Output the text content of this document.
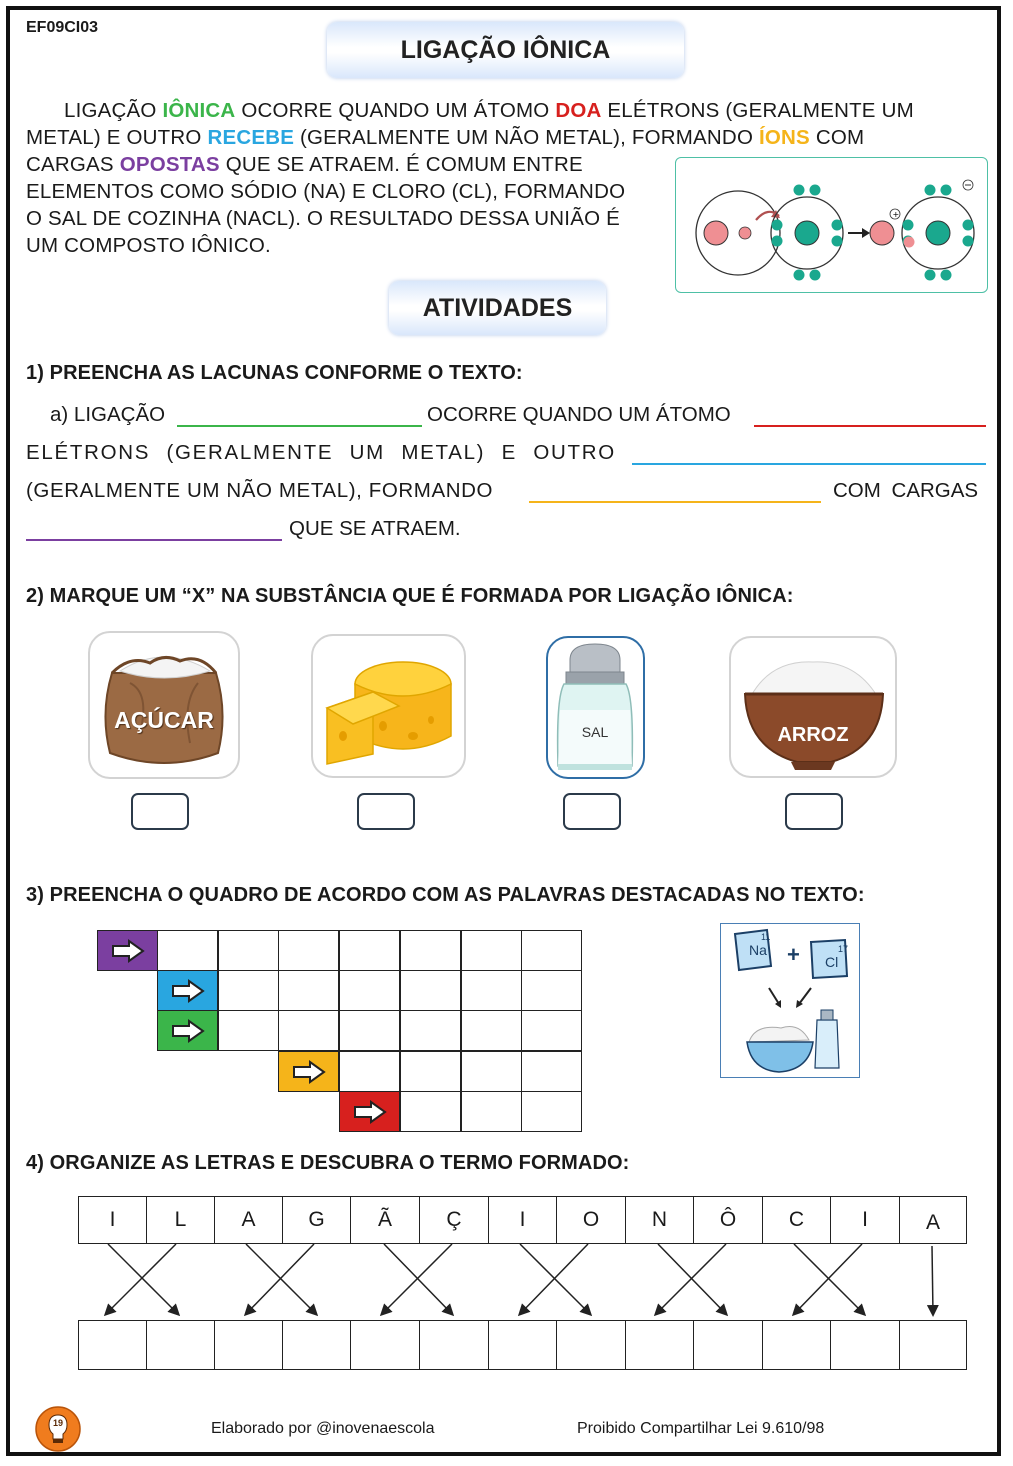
EF09CI03
LIGAÇÃO IÔNICA

LIGAÇÃO IÔNICA OCORRE QUANDO UM ÁTOMO DOA ELÉTRONS (GERALMENTE UM

METAL) E OUTRO RECEBE (GERALMENTE UM NÃO METAL), FORMANDO ÍONS COM

CARGAS OPOSTAS QUE SE ATRAEM. É COMUM ENTRE

ELEMENTOS COMO SÓDIO (NA) E CLORO (CL), FORMANDO

O SAL DE COZINHA (NACL). O RESULTADO DESSA UNIÃO É

UM COMPOSTO IÔNICO.

+
ATIVIDADES
1) PREENCHA AS LACUNAS CONFORME O TEXTO:
a) LIGAÇÃO	OCORRE QUANDO UM ÁTOMO
ELÉTRONS (GERALMENTE UM METAL) E OUTRO
(GERALMENTE UM NÃO METAL), FORMANDO	COM CARGAS
QUE SE ATRAEM.
2) MARQUE UM “X” NA SUBSTÂNCIA QUE É FORMADA POR LIGAÇÃO IÔNICA:
AÇÚCAR	SAL	ARROZ
3) PREENCHA O QUADRO DE ACORDO COM AS PALAVRAS DESTACADAS NO TEXTO:
+
Na
11
Cl
17
4) ORGANIZE AS LETRAS E DESCUBRA O TERMO FORMADO:
I	L	A	G	Ã	Ç	I	O	N	Ô	C	I	A
19	Elaborado por @inovenaescola	Proibido Compartilhar Lei 9.610/98
